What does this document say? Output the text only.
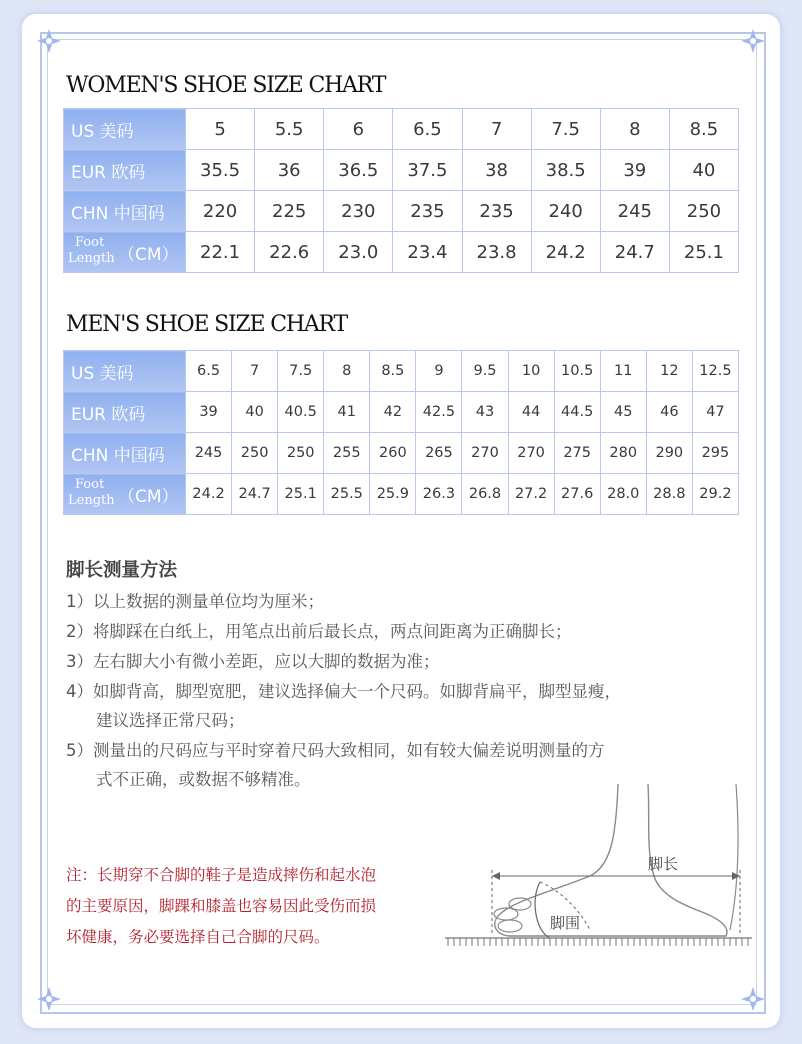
WOMEN'S SHOE SIZE CHART
US 美码	5	5.5	6	6.5	7	7.5	8	8.5
EUR 欧码	35.5	36	36.5	37.5	38	38.5	39	40
CHN 中国码	220	225	230	235	235	240	245	250

Foot
Length （CM）	22.1	22.6	23.0	23.4	23.8	24.2	24.7	25.1
MEN'S SHOE SIZE CHART
US 美码	6.5	7	7.5	8	8.5	9	9.5	10	10.5	11	12	12.5
EUR 欧码	39	40	40.5	41	42	42.5	43	44	44.5	45	46	47
CHN 中国码	245	250	250	255	260	265	270	270	275	280	290	295

Foot
Length （CM）	24.2	24.7	25.1	25.5	25.9	26.3	26.8	27.2	27.6	28.0	28.8	29.2
脚长测量方法
1）以上数据的测量单位均为厘米；
2）将脚踩在白纸上，用笔点出前后最长点，两点间距离为正确脚长；
3）左右脚大小有微小差距，应以大脚的数据为准；
4）如脚背高，脚型宽肥，建议选择偏大一个尺码。如脚背扁平，脚型显瘦，
建议选择正常尺码；
5）测量出的尺码应与平时穿着尺码大致相同，如有较大偏差说明测量的方
式不正确，或数据不够精准。
注：长期穿不合脚的鞋子是造成摔伤和起水泡
的主要原因，脚踝和膝盖也容易因此受伤而损
坏健康，务必要选择自己合脚的尺码。
脚长
脚围
